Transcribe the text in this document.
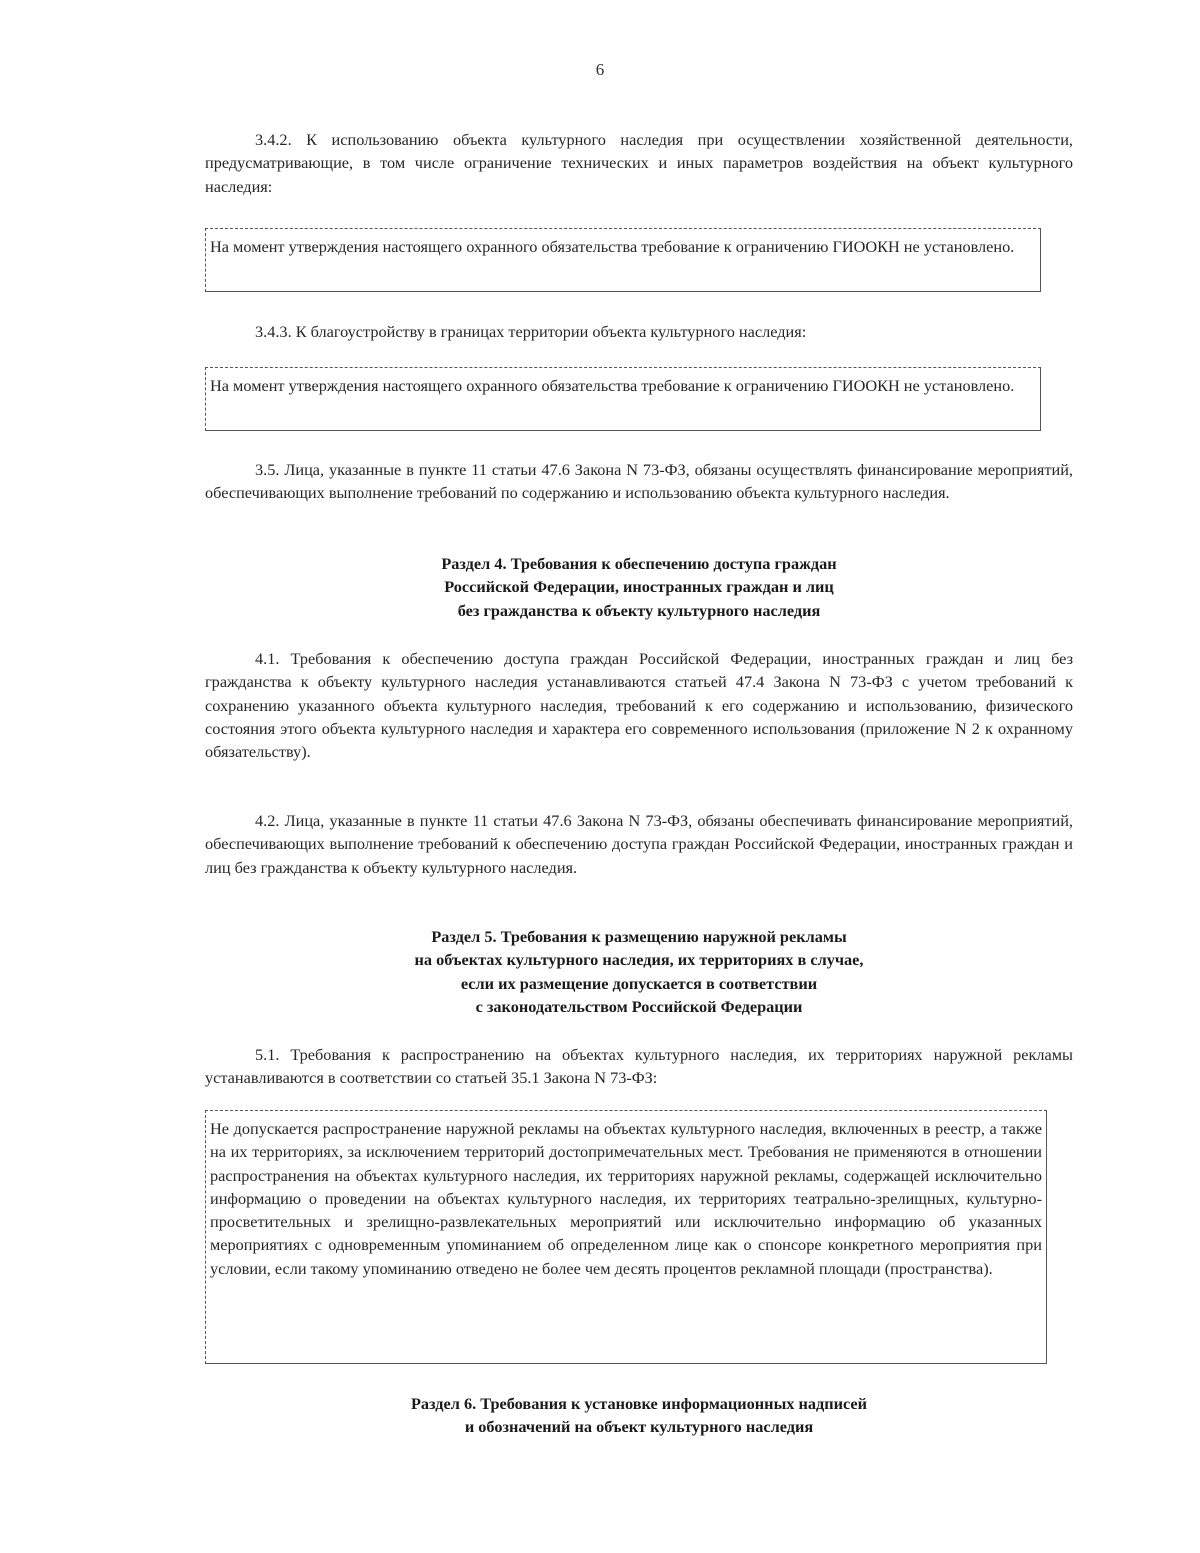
6

3.4.2. К использованию объекта культурного наследия при осуществлении хозяйственной деятельности, предусматривающие, в том числе ограничение технических и иных параметров воздействия на объект культурного наследия:

На момент утверждения настоящего охранного обязательства требование к ограничению ГИООКН не установлено.

3.4.3. К благоустройству в границах территории объекта культурного наследия:

На момент утверждения настоящего охранного обязательства требование к ограничению ГИООКН не установлено.

3.5. Лица, указанные в пункте 11 статьи 47.6 Закона N 73-ФЗ, обязаны осуществлять финансирование мероприятий, обеспечивающих выполнение требований по содержанию и использованию объекта культурного наследия.

Раздел 4. Требования к обеспечению доступа граждан
Российской Федерации, иностранных граждан и лиц
без гражданства к объекту культурного наследия

4.1. Требования к обеспечению доступа граждан Российской Федерации, иностранных граждан и лиц без гражданства к объекту культурного наследия устанавливаются статьей 47.4 Закона N 73-ФЗ с учетом требований к сохранению указанного объекта культурного наследия, требований к его содержанию и использованию, физического состояния этого объекта культурного наследия и характера его современного использования (приложение N 2 к охранному обязательству).

4.2. Лица, указанные в пункте 11 статьи 47.6 Закона N 73-ФЗ, обязаны обеспечивать финансирование мероприятий, обеспечивающих выполнение требований к обеспечению доступа граждан Российской Федерации, иностранных граждан и лиц без гражданства к объекту культурного наследия.

Раздел 5. Требования к размещению наружной рекламы
на объектах культурного наследия, их территориях в случае,
если их размещение допускается в соответствии
с законодательством Российской Федерации

5.1. Требования к распространению на объектах культурного наследия, их территориях наружной рекламы устанавливаются в соответствии со статьей 35.1 Закона N 73-ФЗ:

Не допускается распространение наружной рекламы на объектах культурного наследия, включенных в реестр, а также на их территориях, за исключением территорий достопримечательных мест. Требования не применяются в отношении распространения на объектах культурного наследия, их территориях наружной рекламы, содержащей исключительно информацию о проведении на объектах культурного наследия, их территориях театрально-зрелищных, культурно-просветительных и зрелищно-развлекательных мероприятий или исключительно информацию об указанных мероприятиях с одновременным упоминанием об определенном лице как о спонсоре конкретного мероприятия при условии, если такому упоминанию отведено не более чем десять процентов рекламной площади (пространства).
Раздел 6. Требования к установке информационных надписей
и обозначений на объект культурного наследия
